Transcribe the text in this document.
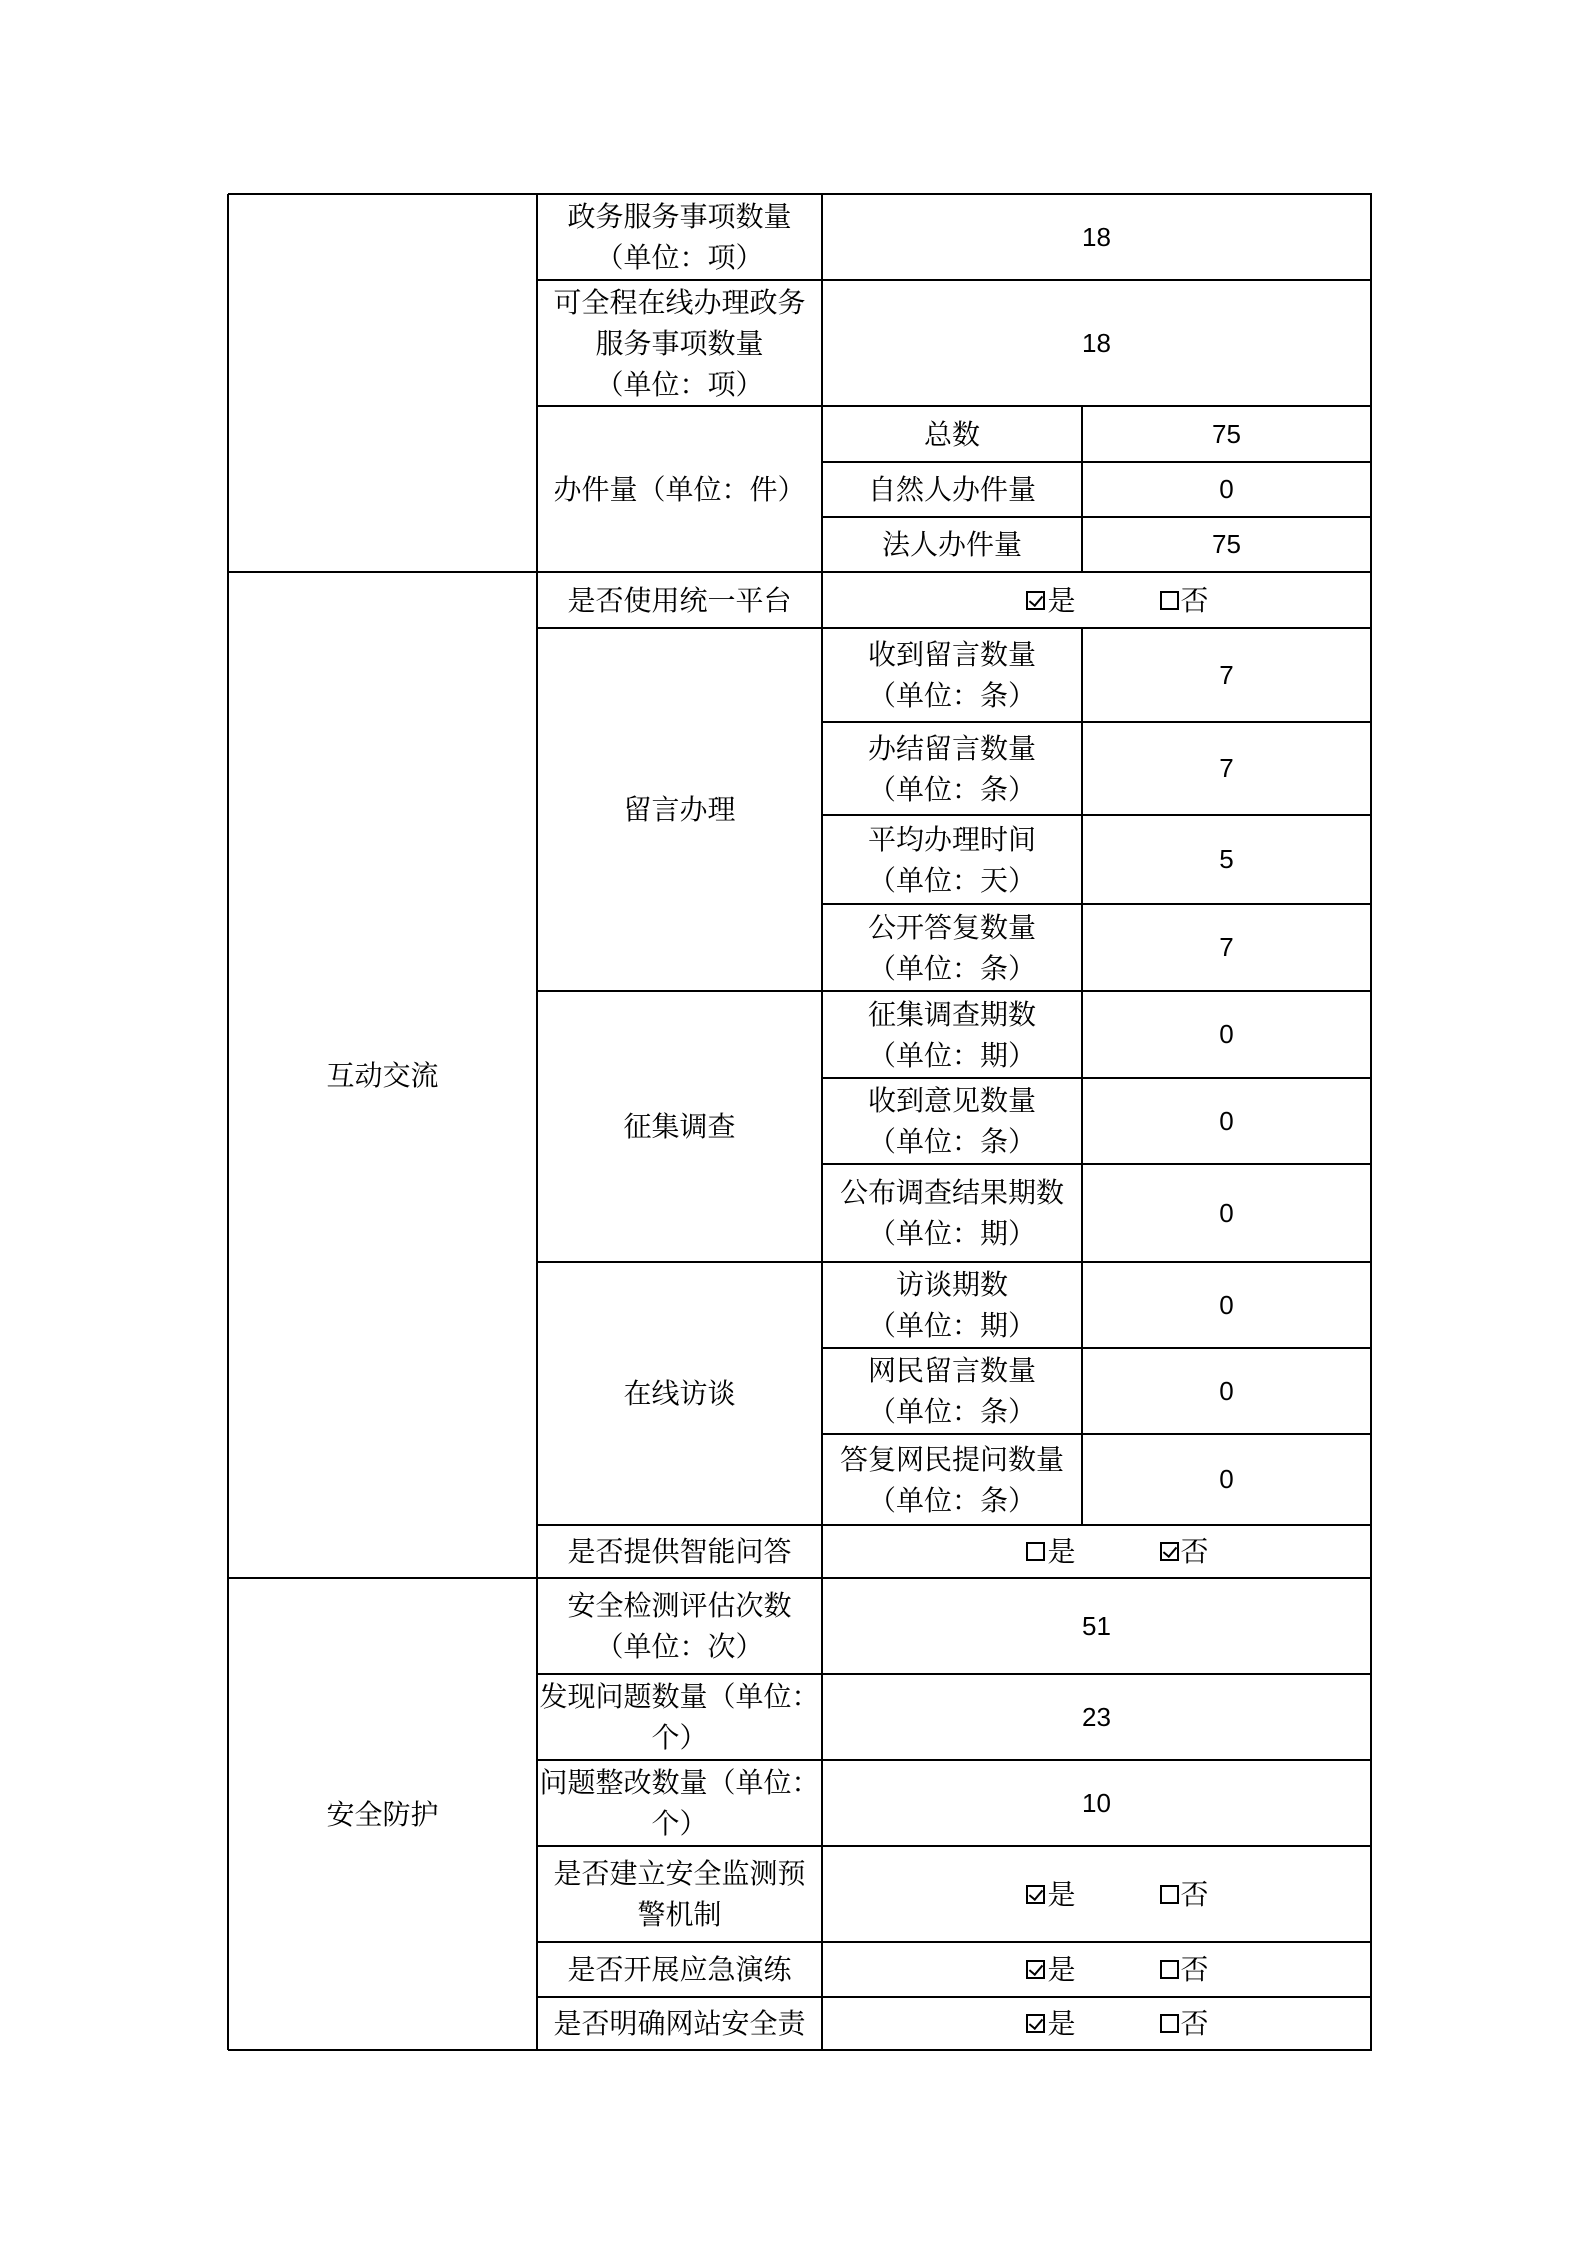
政务服务事项数量
（单位：项）
18
可全程在线办理政务
服务事项数量
（单位：项）
18
办件量（单位：件）
总数	75
自然人办件量	0
法人办件量	75
互动交流
是否使用统一平台	是	否
留言办理
收到留言数量
（单位：条）
7
办结留言数量
（单位：条）
7
平均办理时间
（单位：天）
5
公开答复数量
（单位：条）
7
征集调查
征集调查期数
（单位：期）
0
收到意见数量
（单位：条）
0
公布调查结果期数
（单位：期）
0
在线访谈
访谈期数
（单位：期）
0
网民留言数量
（单位：条）
0
答复网民提问数量
（单位：条）
0
是否提供智能问答	是	否
安全防护
安全检测评估次数
（单位：次）
51
发现问题数量（单位：
个）
23
问题整改数量（单位：
个）
10
是否建立安全监测预
警机制
是	否
是否开展应急演练	是	否
是否明确网站安全责	是	否
